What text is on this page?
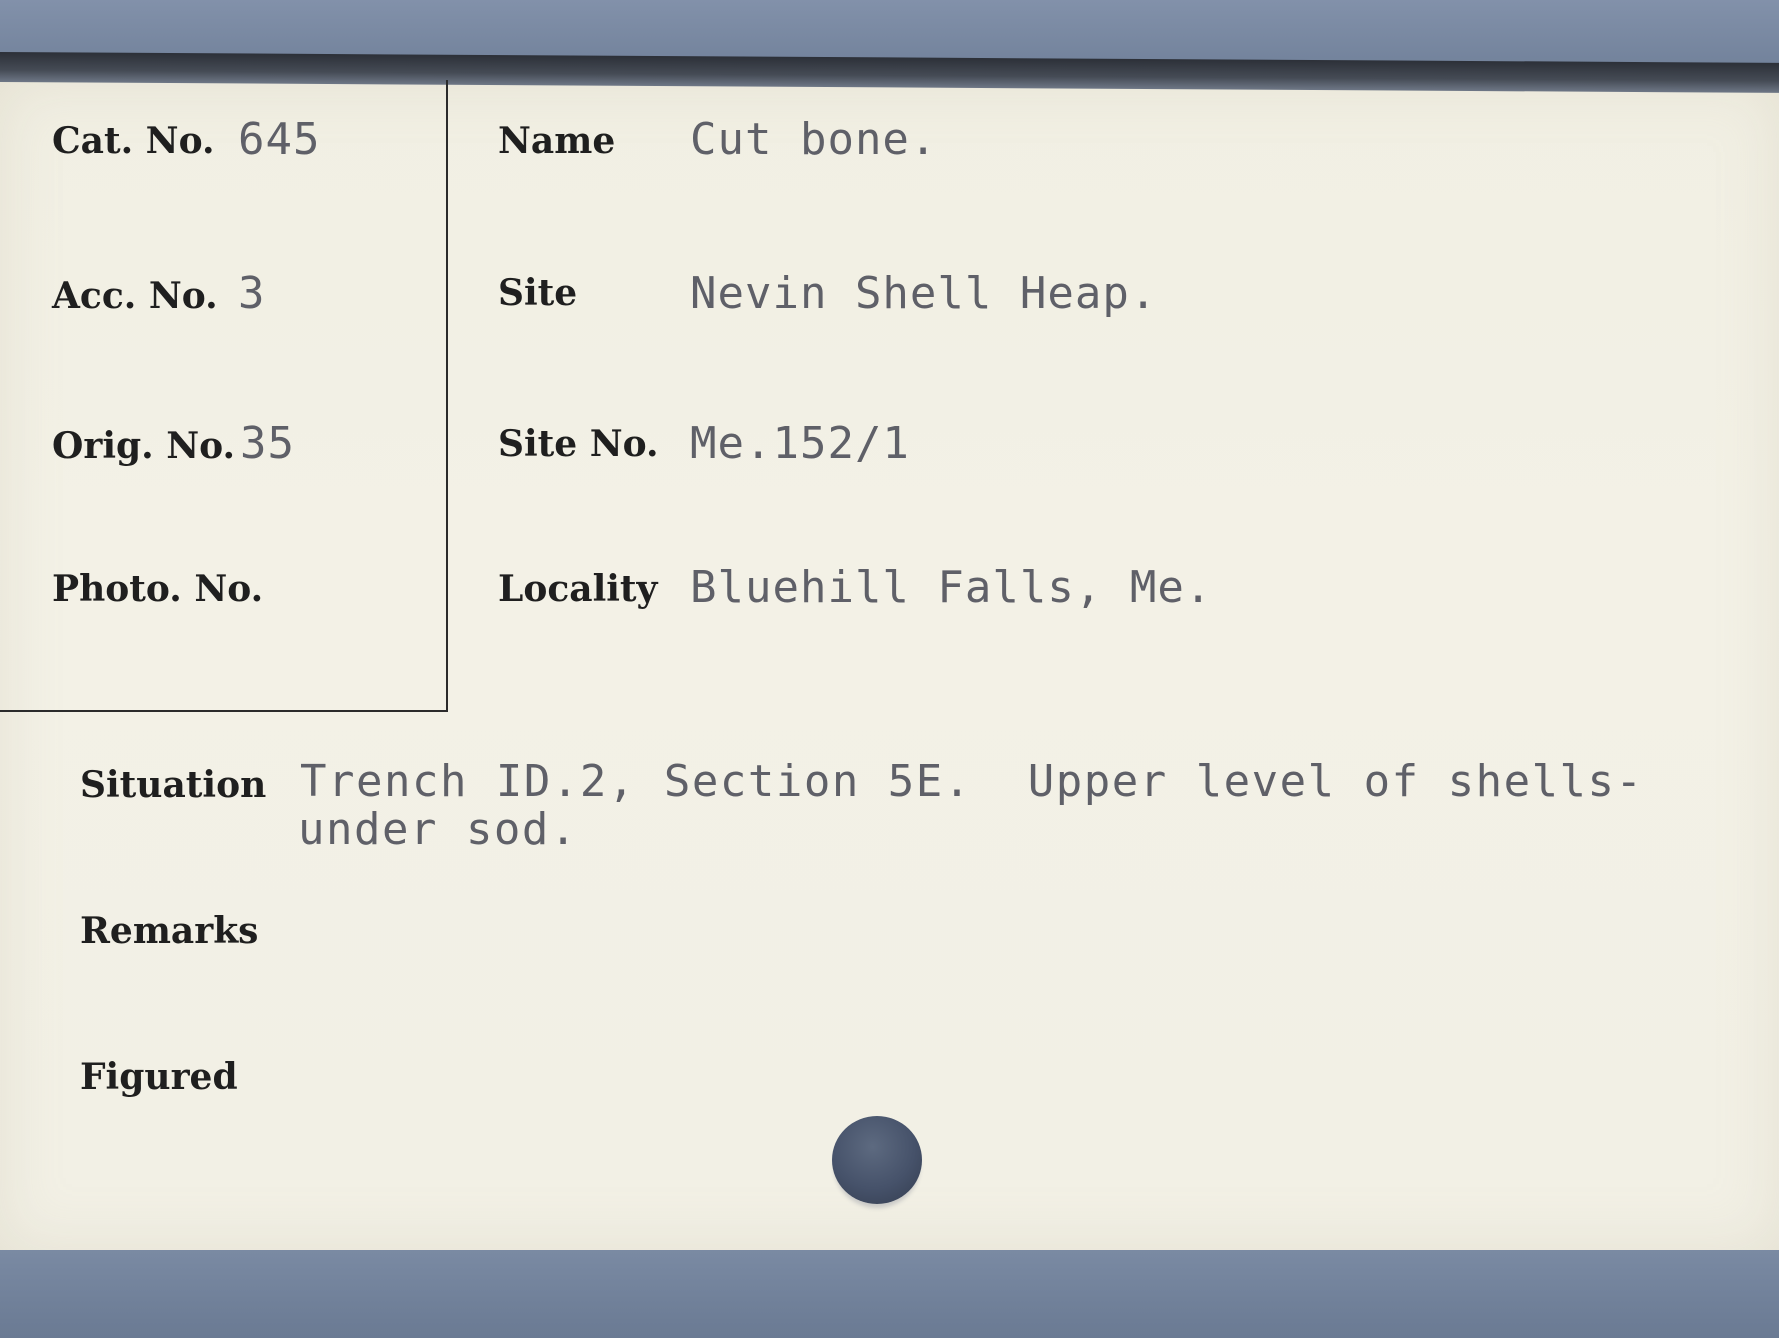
Cat. No. 645
Acc. No. 3
Orig. No. 35
Photo. No.
Name Cut bone.
Site	Nevin Shell Heap.
Site No. Me.152/1
Locality Bluehill Falls, Me.
Situation Trench ID.2, Section 5E.  Upper level of shells-
under sod.
Remarks
Figured
